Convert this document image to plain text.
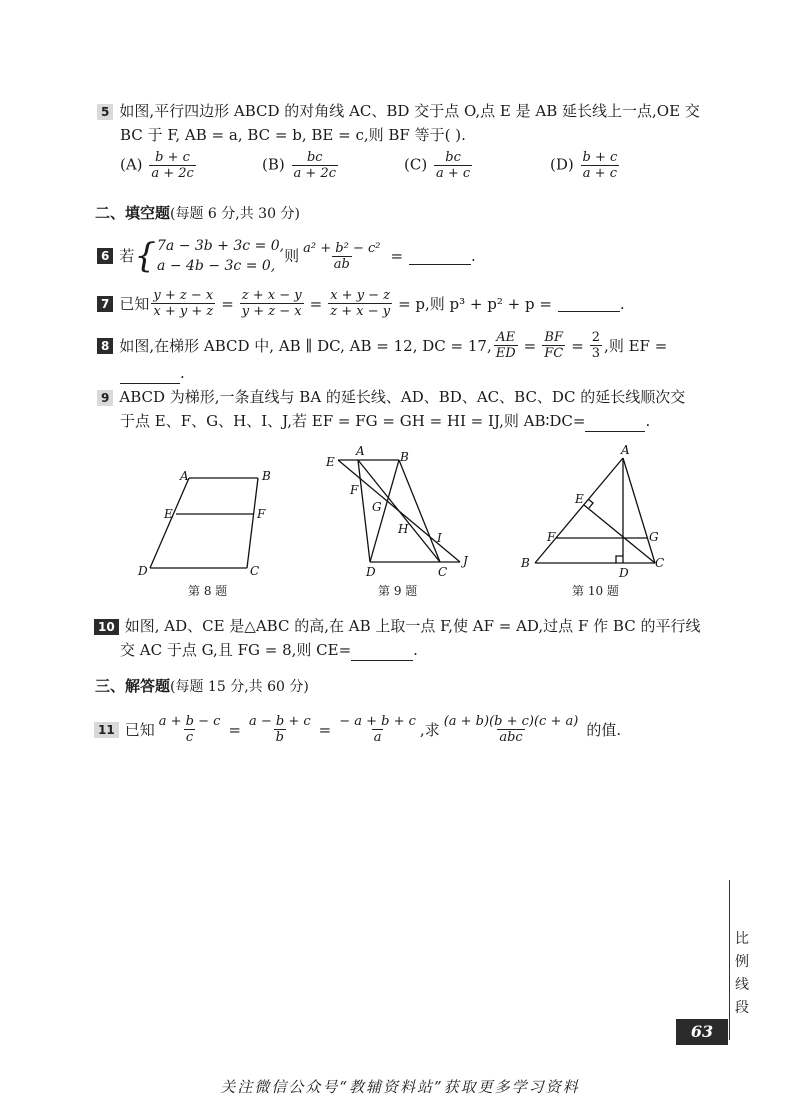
5 如图,平行四边形 ABCD 的对角线 AC、BD 交于点 O,点 E 是 AB 延长线上一点,OE 交
BC 于 F, AB = a, BC = b, BE = c,则 BF 等于( ).
$(A) \frac{b + c}{a + 2c}$	$(B) \frac{bc}{a + 2c}$	$(C) \frac{bc}{a + c}$	$(D) \frac{b + c}{a + c}$
二、填空题(每题 6 分,共 30 分)
6 若 { 7a − 3b + 3c = 0,
a − 4b − 3c = 0,
则 $\frac{\text{a² + b² − c²}}{ab}$ =	.
7 已知 $\frac{y + z - x}{x + y + z} = \frac{z + x - y}{y + z - x} = \frac{x + y - z}{z + x - y} = p$,则 p³ + p² + p =	.
8 如图,在梯形 ABCD 中, AB ∥ DC, AB = 12, DC = 17, $\frac{AE}{ED} = \frac{BF}{FC} = \frac{2}{3}$ ,则 EF =
.
9 ABCD 为梯形,一条直线与 BA 的延长线、AD、BD、AC、BC、DC 的延长线顺次交
于点 E、F、G、H、I、J,若 EF = FG = GH = HI = IJ,则 AB∶DC=	.
A	B
C
D
E	F
第 8 题
E
A	B
F
G
H
I
J
D	C
第 9 题
A
B	C
D
E
F	G
第 10 题
10 如图, AD、CE 是△ABC 的高,在 AB 上取一点 F,使 AF = AD,过点 F 作 BC 的平行线
交 AC 于点 G,且 FG = 8,则 CE=	.
三、解答题(每题 15 分,共 60 分)
11 已知 $\frac{a + b - c}{c} = \frac{a - b + c}{b} = \frac{- a + b + c}{a}$ ,求 $\frac{(a + b)(b + c)(c + a)}{\text{abc}}$ 的值.
比
例
线
段
63
关注微信公众号“教辅资料站”获取更多学习资料
